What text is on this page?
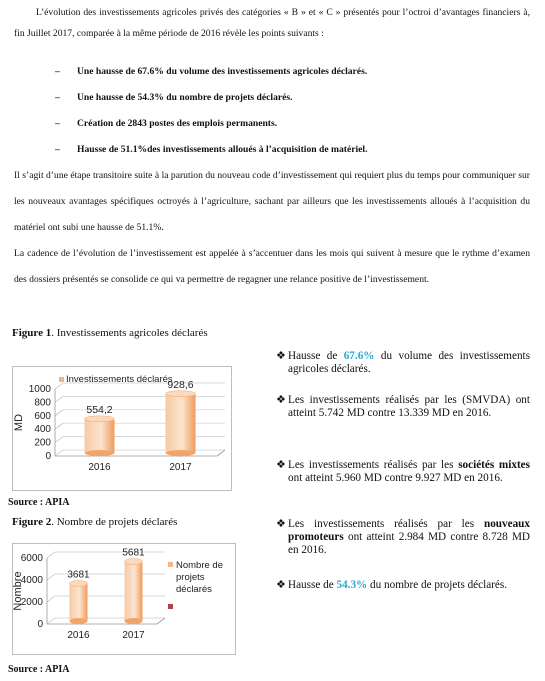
L’évolution des investissements agricoles privés des catégories « B » et « C » présentés pour l’octroi d’avantages financiers à, fin Juillet 2017, comparée à la même période de 2016 révèle les points suivants :
– Une hausse de 67.6% du volume des investissements agricoles déclarés.
– Une hausse de 54.3% du nombre de projets déclarés.
– Création de 2843 postes des emplois permanents.
– Hausse de 51.1%des investissements alloués à l’acquisition de matériel.
Il s’agit d’une étape transitoire suite à la parution du nouveau code d’investissement qui requiert plus du temps pour communiquer sur les nouveaux avantages spécifiques octroyés à l’agriculture, sachant par ailleurs que les investissements alloués à l’acquisition du matériel ont subi une hausse de 51.1%.
La cadence de l’évolution de l’investissement est appelée à s’accentuer dans les mois qui suivent à mesure que le rythme d’examen des dossiers présentés se consolide ce qui va permettre de regagner une relance positive de l’investissement.
Figure 1. Investissements agricoles déclarés
0
200
400
600
800
1000
MD
554,2
2016
928,6
2017
Investissements déclarés
Source : APIA
Figure 2. Nombre de projets déclarés
0
2000
4000
6000
Nombre	3681
2016
5681
2017
Nombre de
projets
déclarés
Source : APIA
❖ Hausse de 67.6% du volume des investissements agricoles déclarés.
❖ Les investissements réalisés par les (SMVDA) ont atteint 5.742 MD contre 13.339 MD en 2016.
❖ Les investissements réalisés par les sociétés mixtes ont atteint 5.960 MD contre 9.927 MD en 2016.
❖ Les investissements réalisés par les nouveaux promoteurs ont atteint 2.984 MD contre 8.728 MD en 2016.
❖ Hausse de 54.3% du nombre de projets déclarés.
